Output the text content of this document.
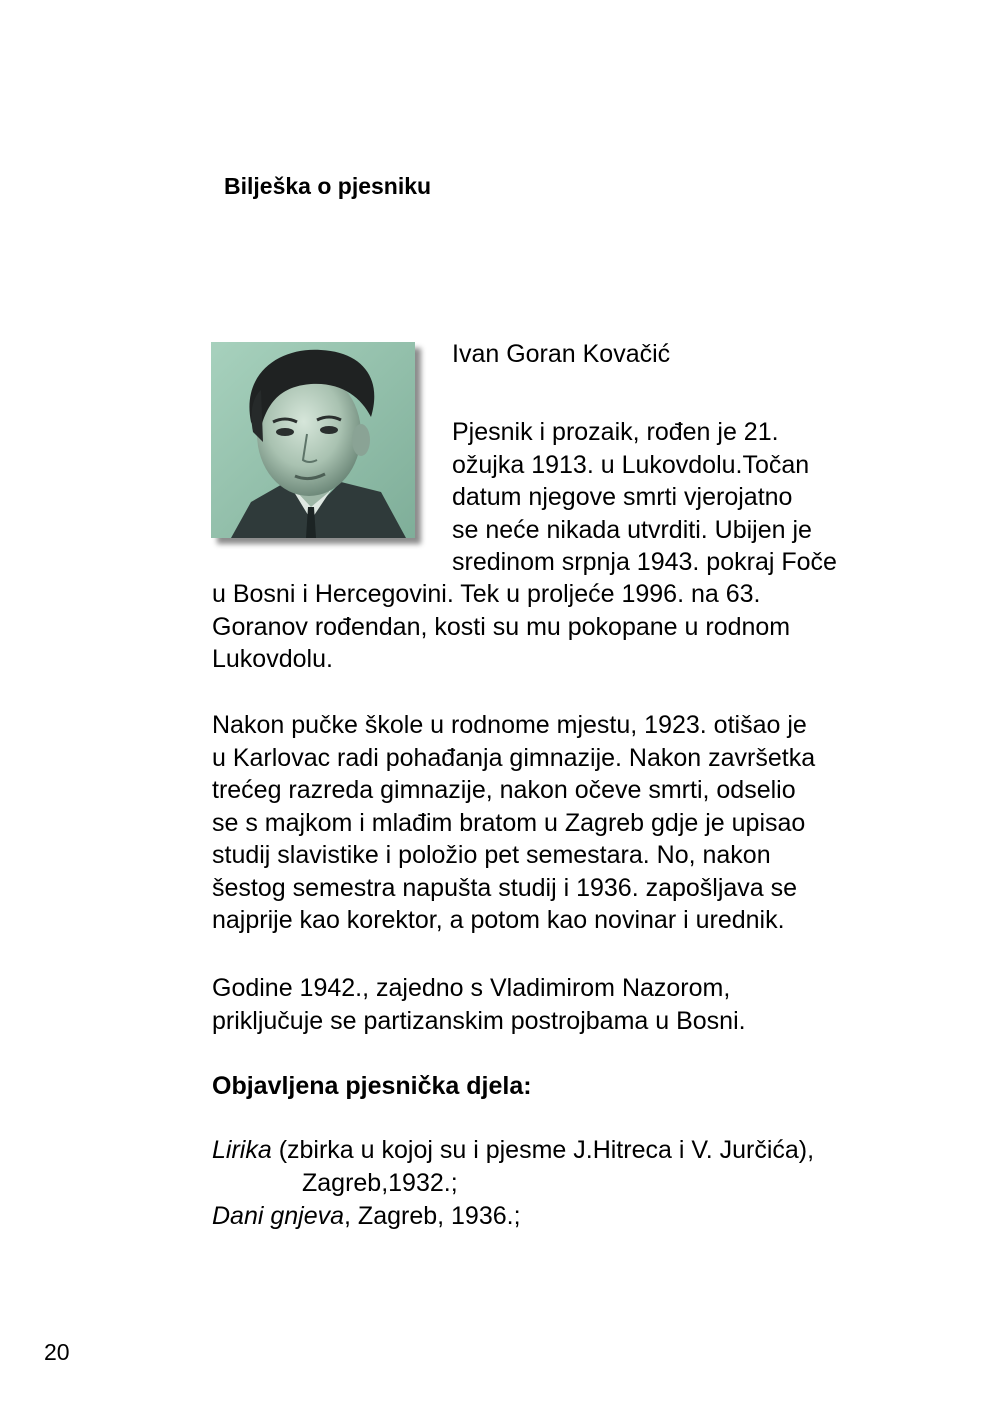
Bilješka o pjesniku

Ivan Goran Kovačić

Pjesnik i prozaik, rođen je 21.
ožujka 1913. u Lukovdolu.Točan
datum njegove smrti vjerojatno
se neće nikada utvrditi. Ubijen je
sredinom srpnja 1943. pokraj Foče
u Bosni i Hercegovini. Tek u proljeće 1996. na 63.
Goranov rođendan, kosti su mu pokopane u rodnom
Lukovdolu.
Nakon pučke škole u rodnome mjestu, 1923. otišao je
u Karlovac radi pohađanja gimnazije. Nakon završetka
trećeg razreda gimnazije, nakon očeve smrti, odselio
se s majkom i mlađim bratom u Zagreb gdje je upisao
studij slavistike i položio pet semestara. No, nakon
šestog semestra napušta studij i 1936. zapošljava se
najprije kao korektor, a potom kao novinar i urednik.
Godine 1942., zajedno s Vladimirom Nazorom,
priključuje se partizanskim postrojbama u Bosni.

Objavljena pjesnička djela:

Lirika (zbirka u kojoj su i pjesme J.Hitreca i V. Jurčića),
Zagreb,1932.;
Dani gnjeva, Zagreb, 1936.;
20
